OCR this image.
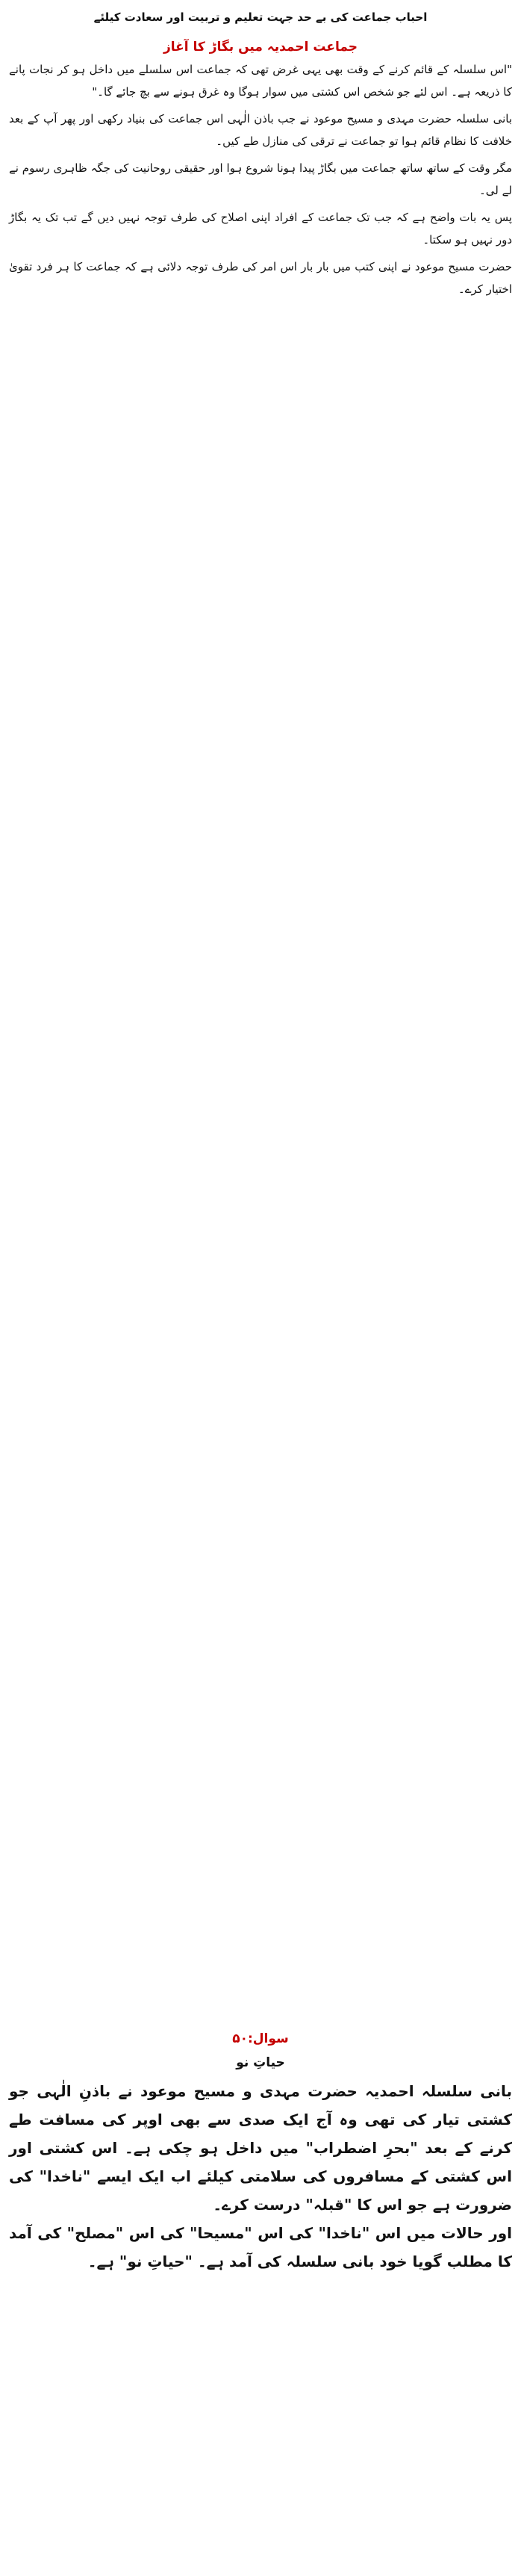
احباب جماعت کی بے حد جہت تعلیم و تربیت اور سعادت کیلئے

جماعت احمدیہ میں بگاڑ کا آغاز

"اس سلسلہ کے قائم کرنے کے وقت بھی یہی غرض تھی کہ جماعت اس سلسلے میں داخل ہو کر نجات پانے کا ذریعہ ہے۔ اس لئے جو شخص اس کشتی میں سوار ہوگا وہ غرق ہونے سے بچ جائے گا۔"

بانی سلسلہ حضرت مہدی و مسیح موعود نے جب باذن الٰہی اس جماعت کی بنیاد رکھی اور پھر آپ کے بعد خلافت کا نظام قائم ہوا تو جماعت نے ترقی کی منازل طے کیں۔

مگر وقت کے ساتھ ساتھ جماعت میں بگاڑ پیدا ہونا شروع ہوا اور حقیقی روحانیت کی جگہ ظاہری رسوم نے لے لی۔

پس یہ بات واضح ہے کہ جب تک جماعت کے افراد اپنی اصلاح کی طرف توجہ نہیں دیں گے تب تک یہ بگاڑ دور نہیں ہو سکتا۔

حضرت مسیح موعود نے اپنی کتب میں بار بار اس امر کی طرف توجہ دلائی ہے کہ جماعت کا ہر فرد تقویٰ اختیار کرے۔

سوال:۵۰

حیاتِ نو

بانی سلسلہ احمدیہ حضرت مہدی و مسیح موعود نے باذنِ الٰہی جو کشتی تیار کی تھی وہ آج ایک صدی سے بھی اوپر کی مسافت طے کرنے کے بعد "بحرِ اضطراب" میں داخل ہو چکی ہے۔ اس کشتی اور اس کشتی کے مسافروں کی سلامتی کیلئے اب ایک ایسے "ناخدا" کی ضرورت ہے جو اس کا "قبلہ" درست کرے۔

اور حالات میں اس "ناخدا" کی اس "مسیحا" کی اس "مصلح" کی آمد کا مطلب گویا خود بانی سلسلہ کی آمد ہے۔ "حیاتِ نو" ہے۔
